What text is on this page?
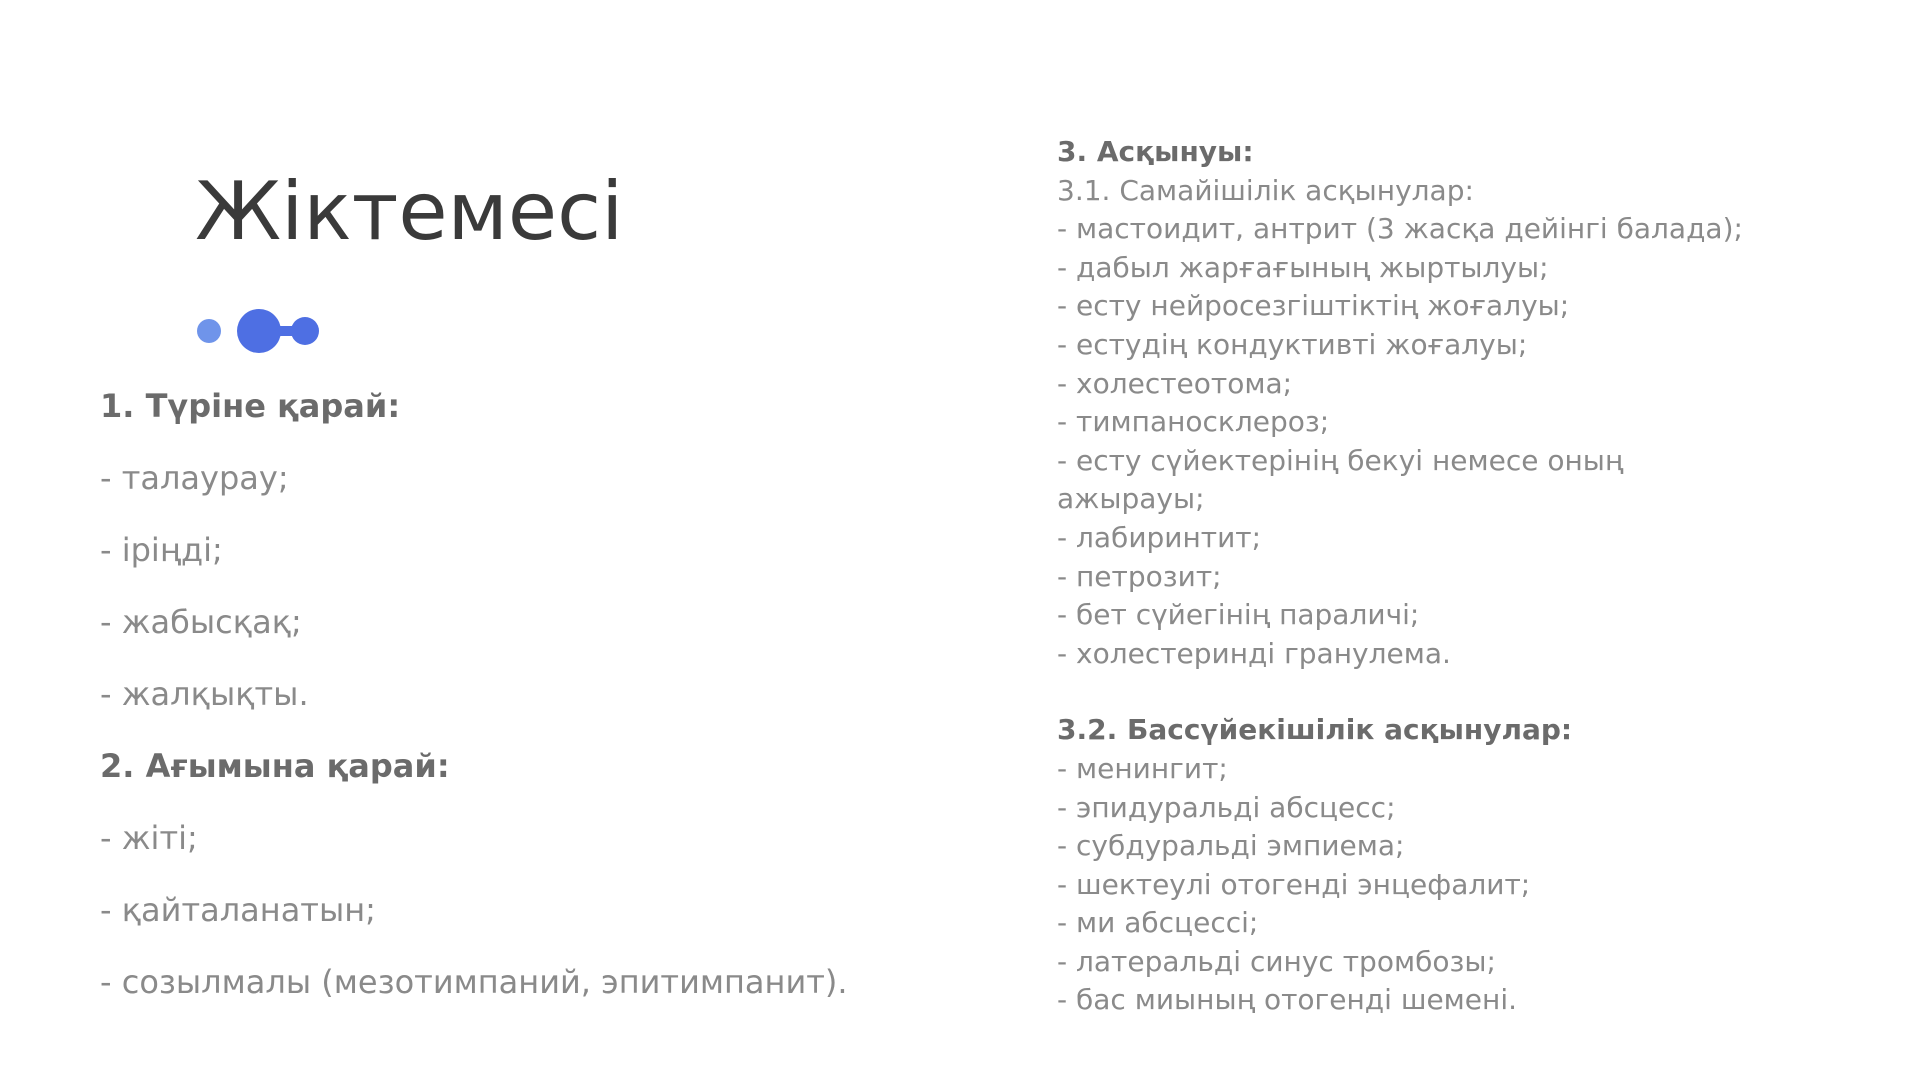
Жіктемесі
1. Түріне қарай:
- талаурау;
- іріңді;
- жабысқақ;
- жалқықты.
2. Ағымына қарай:
- жіті;
- қайталанатын;
- созылмалы (мезотимпаний, эпитимпанит).
3. Асқынуы:
3.1. Самайішілік асқынулар:
- мастоидит, антрит (3 жасқа дейінгі балада);
- дабыл жарғағының жыртылуы;
- есту нейросезгіштіктің жоғалуы;
- естудің кондуктивті жоғалуы;
- холестеотома;
- тимпаносклероз;
- есту сүйектерінің бекуі немесе оның ажырауы;
- лабиринтит;
- петрозит;
- бет сүйегінің параличі;
- холестеринді гранулема.
3.2. Бассүйекішілік асқынулар:
- менингит;
- эпидуральді абсцесс;
- субдуральді эмпиема;
- шектеулі отогенді энцефалит;
- ми абсцессі;
- латеральді синус тромбозы;
- бас миының отогенді шемені.
